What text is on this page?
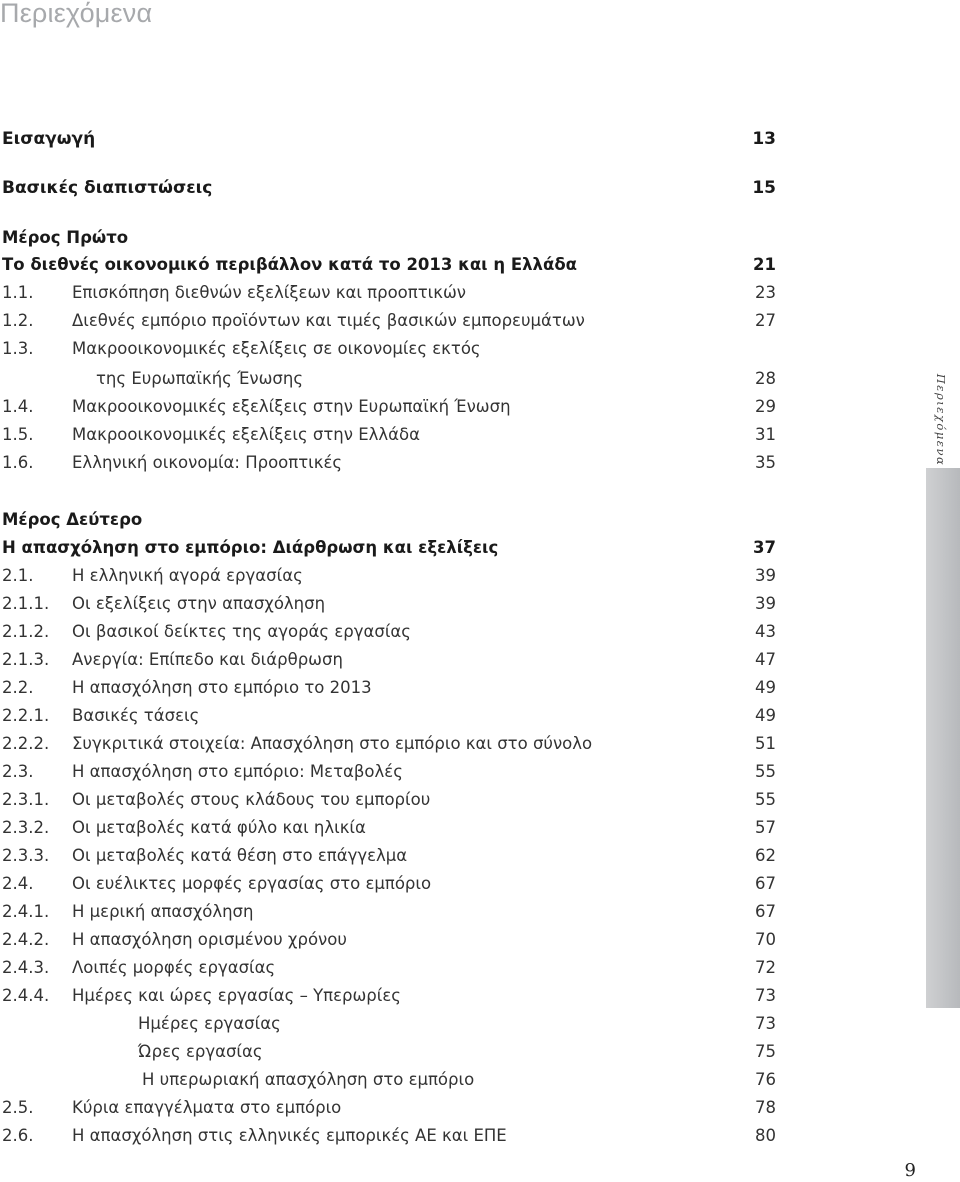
Περιεχόμενα
Εισαγωγή	13
Βασικές διαπιστώσεις	15
Μέρος Πρώτο
Το διεθνές οικονομικό περιβάλλον κατά το 2013 και η Ελλάδα	21
1.1. Επισκόπηση διεθνών εξελίξεων και προοπτικών	23
1.2. Διεθνές εμπόριο προϊόντων και τιμές βασικών εμπορευμάτων	27
1.3. Μακροοικονομικές εξελίξεις σε οικονομίες εκτός
της Ευρωπαϊκής Ένωσης	28
1.4. Μακροοικονομικές εξελίξεις στην Ευρωπαϊκή Ένωση	29
1.5. Μακροοικονομικές εξελίξεις στην Ελλάδα	31
1.6. Ελληνική οικονομία: Προοπτικές	35
Μέρος Δεύτερο
Η απασχόληση στο εμπόριο: Διάρθρωση και εξελίξεις	37
2.1. Η ελληνική αγορά εργασίας	39
2.1.1. Οι εξελίξεις στην απασχόληση	39
2.1.2. Οι βασικοί δείκτες της αγοράς εργασίας	43
2.1.3. Ανεργία: Επίπεδο και διάρθρωση	47
2.2. Η απασχόληση στο εμπόριο το 2013	49
2.2.1. Βασικές τάσεις	49
2.2.2. Συγκριτικά στοιχεία: Απασχόληση στο εμπόριο και στο σύνολο	51
2.3. Η απασχόληση στο εμπόριο: Μεταβολές	55
2.3.1. Οι μεταβολές στους κλάδους του εμπορίου	55
2.3.2. Οι μεταβολές κατά φύλο και ηλικία	57
2.3.3. Οι μεταβολές κατά θέση στο επάγγελμα	62
2.4. Οι ευέλικτες μορφές εργασίας στο εμπόριο	67
2.4.1. Η μερική απασχόληση	67
2.4.2. Η απασχόληση ορισμένου χρόνου	70
2.4.3. Λοιπές μορφές εργασίας	72
2.4.4. Ημέρες και ώρες εργασίας – Υπερωρίες	73
Ημέρες εργασίας	73
Ώρες εργασίας	75
Η υπερωριακή απασχόληση στο εμπόριο	76
2.5. Κύρια επαγγέλματα στο εμπόριο	78
2.6. Η απασχόληση στις ελληνικές εμπορικές ΑΕ και ΕΠΕ	80
Περιεχόμενα
9
